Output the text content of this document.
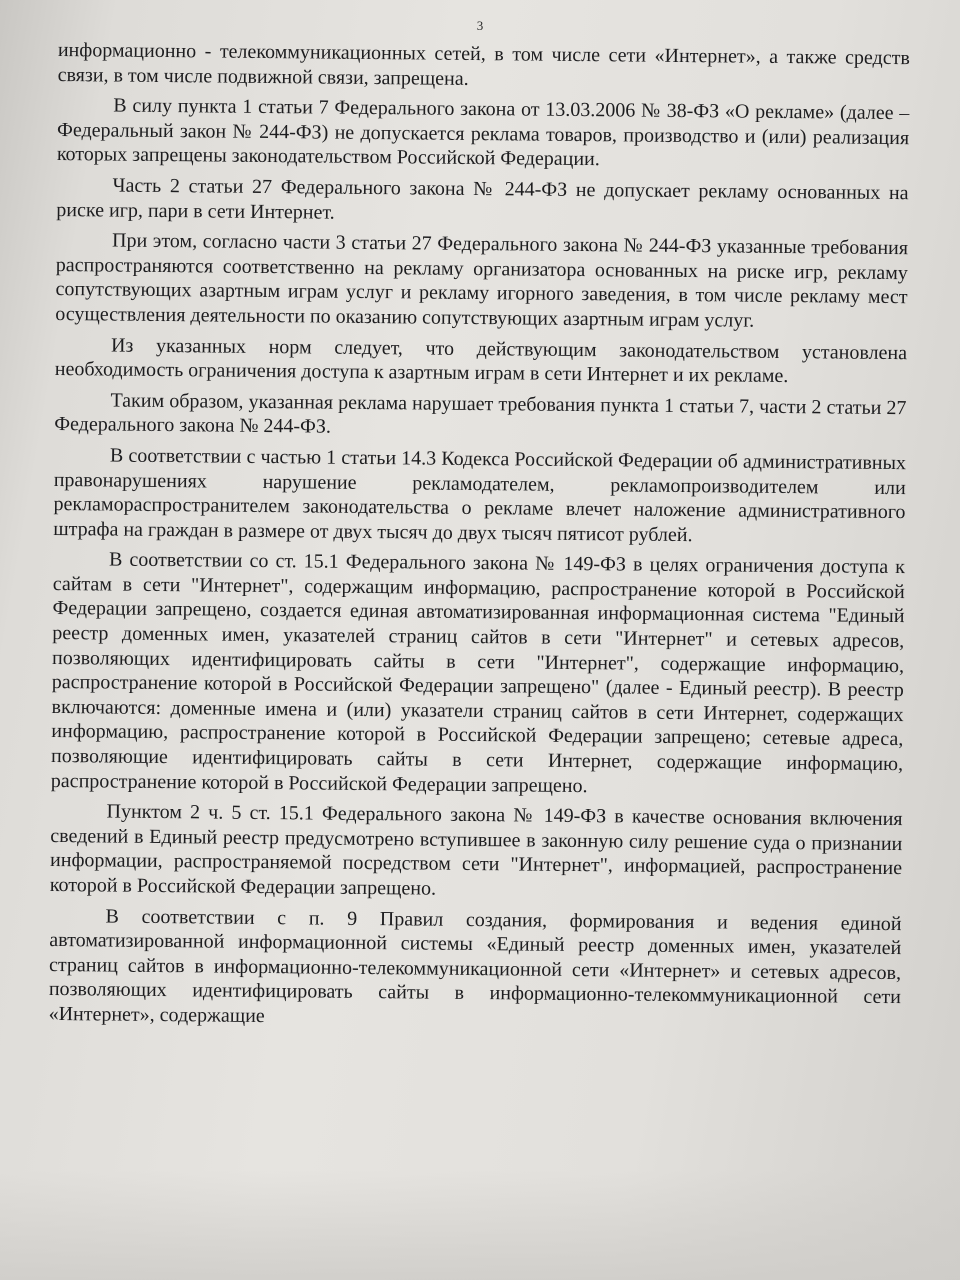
3

информационно - телекоммуникационных сетей, в том числе сети «Интернет», а также средств связи, в том числе подвижной связи, запрещена.

В силу пункта 1 статьи 7 Федерального закона от 13.03.2006 № 38-ФЗ «О рекламе» (далее – Федеральный закон № 244-ФЗ) не допускается реклама товаров, производство и (или) реализация которых запрещены законодательством Российской Федерации.

Часть 2 статьи 27 Федерального закона № 244-ФЗ не допускает рекламу основанных на риске игр, пари в сети Интернет.

При этом, согласно части 3 статьи 27 Федерального закона № 244-ФЗ указанные требования распространяются соответственно на рекламу организатора основанных на риске игр, рекламу сопутствующих азартным играм услуг и рекламу игорного заведения, в том числе рекламу мест осуществления деятельности по оказанию сопутствующих азартным играм услуг.

Из указанных норм следует, что действующим законодательством установлена необходимость ограничения доступа к азартным играм в сети Интернет и их рекламе.

Таким образом, указанная реклама нарушает требования пункта 1 статьи 7, части 2 статьи 27 Федерального закона № 244-ФЗ.

В соответствии с частью 1 статьи 14.3 Кодекса Российской Федерации об административных правонарушениях нарушение рекламодателем, рекламопроизводителем или рекламораспространителем законодательства о рекламе влечет наложение административного штрафа на граждан в размере от двух тысяч до двух тысяч пятисот рублей.

В соответствии со ст. 15.1 Федерального закона № 149-ФЗ в целях ограничения доступа к сайтам в сети "Интернет", содержащим информацию, распространение которой в Российской Федерации запрещено, создается единая автоматизированная информационная система "Единый реестр доменных имен, указателей страниц сайтов в сети "Интернет" и сетевых адресов, позволяющих идентифицировать сайты в сети "Интернет", содержащие информацию, распространение которой в Российской Федерации запрещено" (далее - Единый реестр). В реестр включаются: доменные имена и (или) указатели страниц сайтов в сети Интернет, содержащих информацию, распространение которой в Российской Федерации запрещено; сетевые адреса, позволяющие идентифицировать сайты в сети Интернет, содержащие информацию, распространение которой в Российской Федерации запрещено.

Пунктом 2 ч. 5 ст. 15.1 Федерального закона № 149-ФЗ в качестве основания включения сведений в Единый реестр предусмотрено вступившее в законную силу решение суда о признании информации, распространяемой посредством сети "Интернет", информацией, распространение которой в Российской Федерации запрещено.

В соответствии с п. 9 Правил создания, формирования и ведения единой автоматизированной информационной системы «Единый реестр доменных имен, указателей страниц сайтов в информационно-телекоммуникационной сети «Интернет» и сетевых адресов, позволяющих идентифицировать сайты в информационно-телекоммуникационной сети «Интернет», содержащие
